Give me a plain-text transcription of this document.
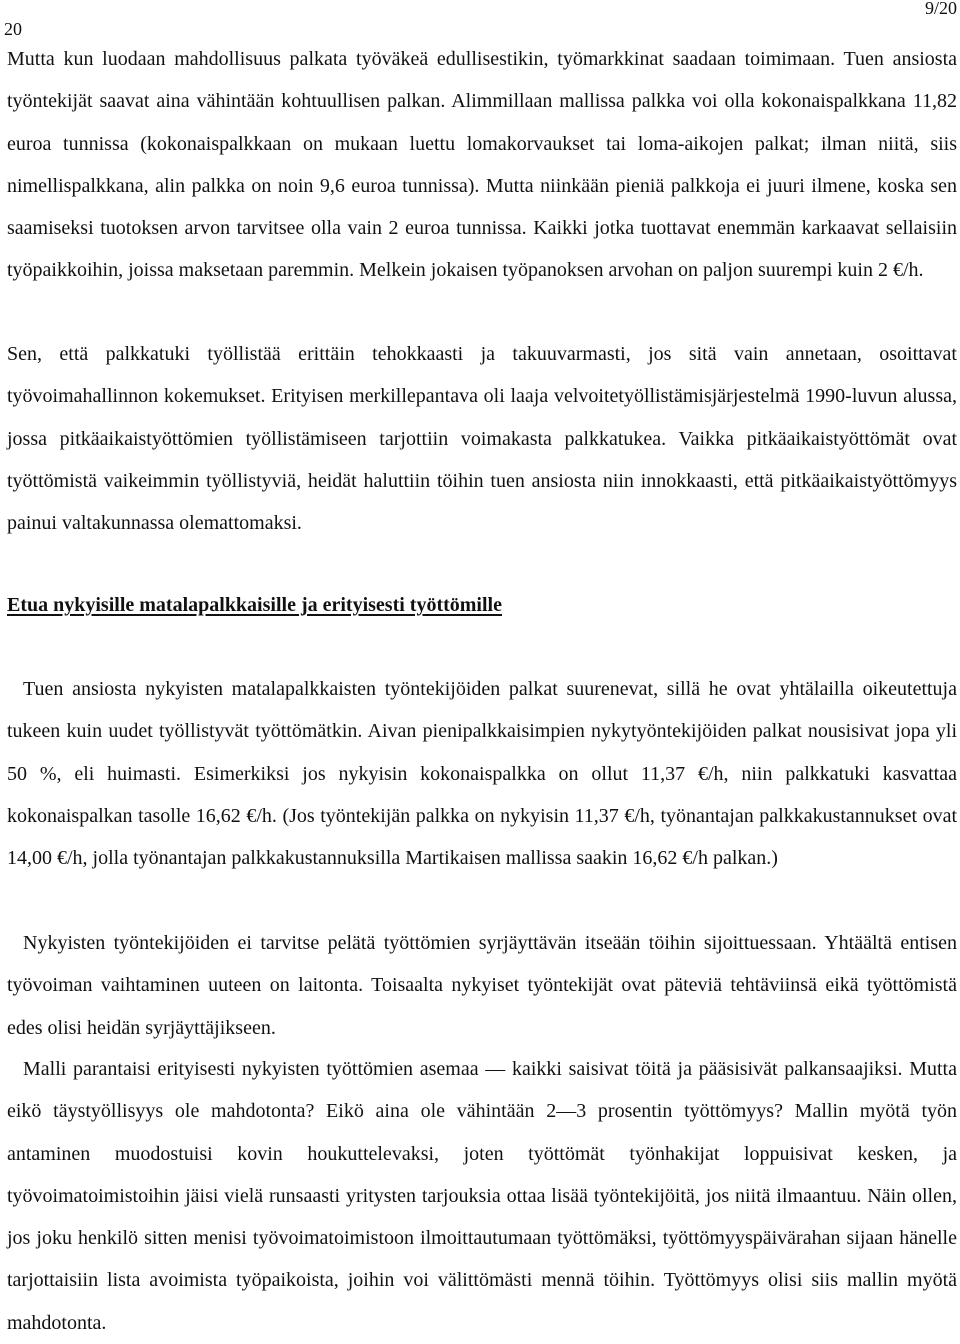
20
9/20

Mutta kun luodaan mahdollisuus palkata työväkeä edullisestikin, työmarkkinat saadaan toimimaan. Tuen ansiosta työntekijät saavat aina vähintään kohtuullisen palkan. Alimmillaan mallissa palkka voi olla kokonaispalkkana 11,82 euroa tunnissa (kokonaispalkkaan on mukaan luettu lomakorvaukset tai loma-aikojen palkat; ilman niitä, siis nimellispalkkana, alin palkka on noin 9,6 euroa tunnissa). Mutta niinkään pieniä palkkoja ei juuri ilmene, koska sen saamiseksi tuotoksen arvon tarvitsee olla vain 2 euroa tunnissa. Kaikki jotka tuottavat enemmän karkaavat sellaisiin työpaikkoihin, joissa maksetaan paremmin. Melkein jokaisen työpanoksen arvohan on paljon suurempi kuin 2 €/h.

Sen, että palkkatuki työllistää erittäin tehokkaasti ja takuuvarmasti, jos sitä vain annetaan, osoittavat työvoimahallinnon kokemukset. Erityisen merkillepantava oli laaja velvoitetyöllistämisjärjestelmä 1990-luvun alussa, jossa pitkäaikaistyöttömien työllistämiseen tarjottiin voimakasta palkkatukea. Vaikka pitkäaikaistyöttömät ovat työttömistä vaikeimmin työllistyviä, heidät haluttiin töihin tuen ansiosta niin innokkaasti, että pitkäaikaistyöttömyys painui valtakunnassa olemattomaksi.

Etua nykyisille matalapalkkaisille ja erityisesti työttömille

Tuen ansiosta nykyisten matalapalkkaisten työntekijöiden palkat suurenevat, sillä he ovat yhtälailla oikeutettuja tukeen kuin uudet työllistyvät työttömätkin. Aivan pienipalkkaisimpien nykytyöntekijöiden palkat nousisivat jopa yli 50 %, eli huimasti. Esimerkiksi jos nykyisin kokonaispalkka on ollut 11,37 €/h, niin palkkatuki kasvattaa kokonaispalkan tasolle 16,62 €/h. (Jos työntekijän palkka on nykyisin 11,37 €/h, työnantajan palkkakustannukset ovat 14,00 €/h, jolla työnantajan palkkakustannuksilla Martikaisen mallissa saakin 16,62 €/h palkan.)

Nykyisten työntekijöiden ei tarvitse pelätä työttömien syrjäyttävän itseään töihin sijoittuessaan. Yhtäältä entisen työvoiman vaihtaminen uuteen on laitonta. Toisaalta nykyiset työntekijät ovat päteviä tehtäviinsä eikä työttömistä edes olisi heidän syrjäyttäjikseen.

Malli parantaisi erityisesti nykyisten työttömien asemaa — kaikki saisivat töitä ja pääsisivät palkansaajiksi. Mutta eikö täystyöllisyys ole mahdotonta? Eikö aina ole vähintään 2—3 prosentin työttömyys? Mallin myötä työn antaminen muodostuisi kovin houkuttelevaksi, joten työttömät työnhakijat loppuisivat kesken, ja työvoimatoimistoihin jäisi vielä runsaasti yritysten tarjouksia ottaa lisää työntekijöitä, jos niitä ilmaantuu. Näin ollen, jos joku henkilö sitten menisi työvoimatoimistoon ilmoittautumaan työttömäksi, työttömyyspäivärahan sijaan hänelle tarjottaisiin lista avoimista työpaikoista, joihin voi välittömästi mennä töihin. Työttömyys olisi siis mallin myötä mahdotonta.
